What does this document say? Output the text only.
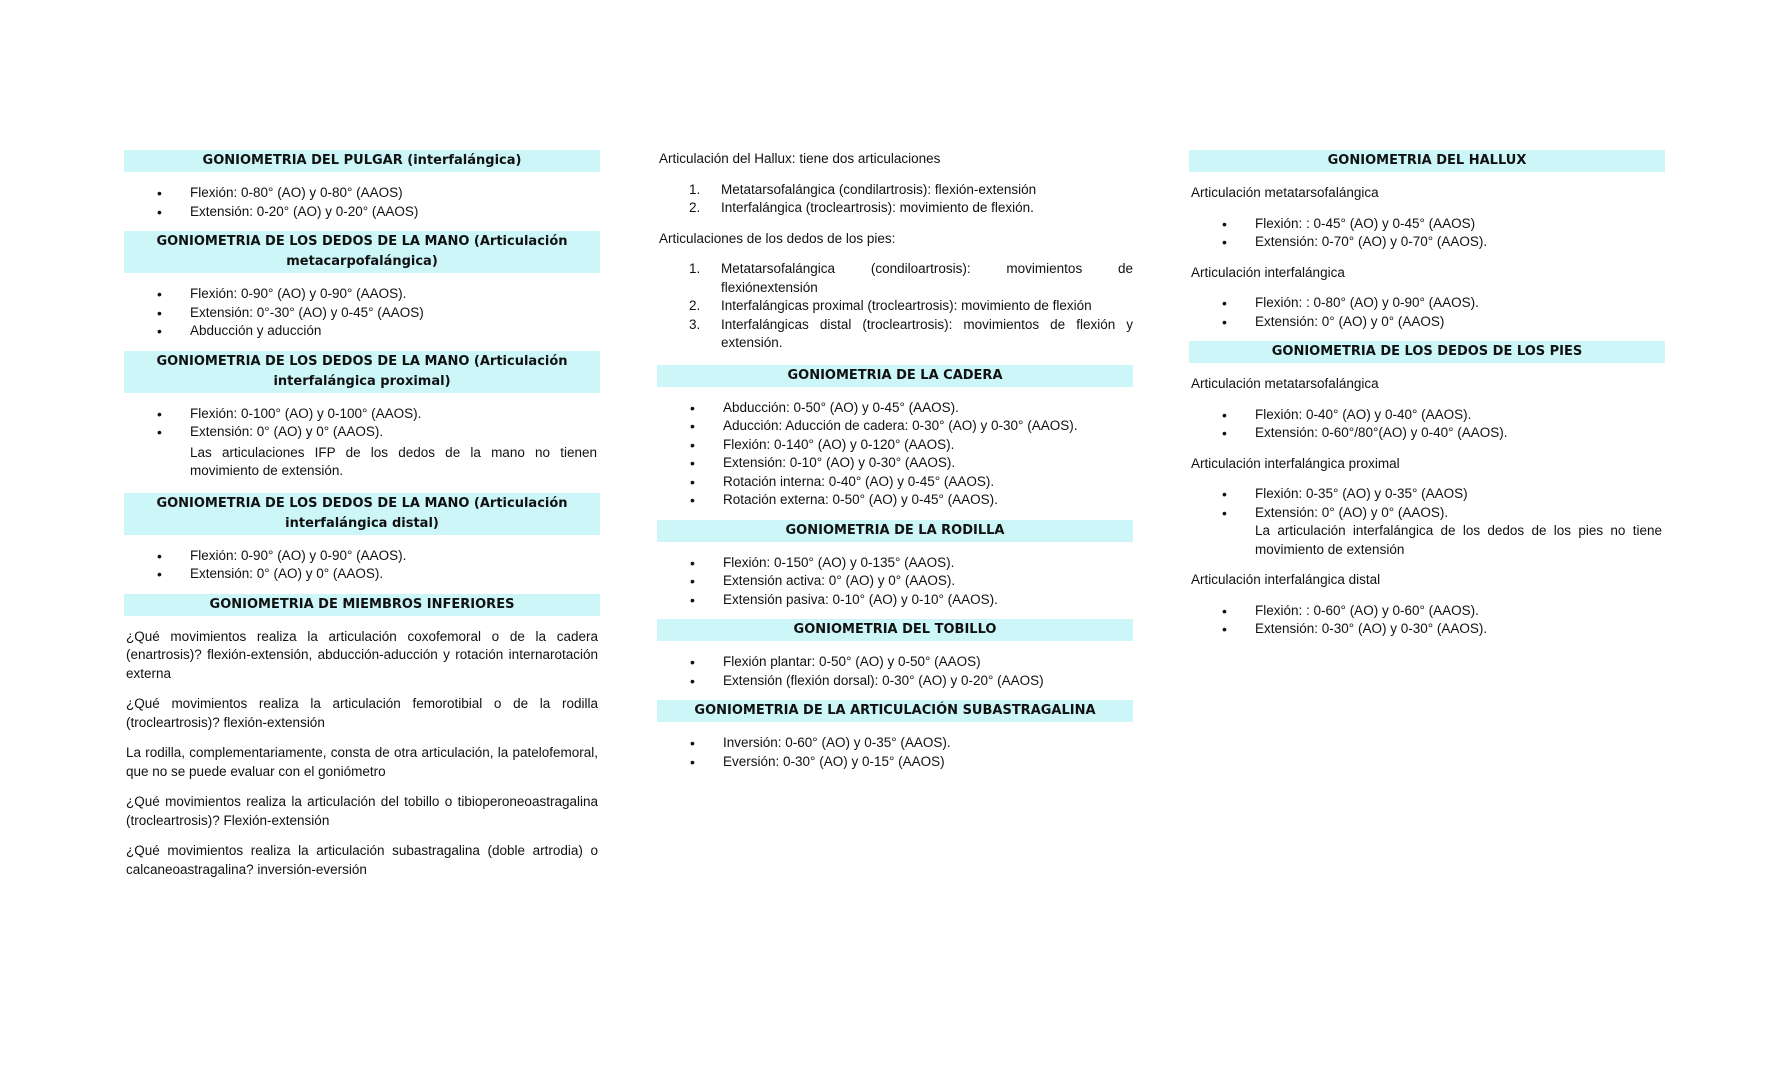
GONIOMETRIA DEL PULGAR (interfalángica)
• Flexión: 0-80° (AO) y 0-80° (AAOS)
• Extensión: 0-20° (AO) y 0-20° (AAOS)
GONIOMETRIA DE LOS DEDOS DE LA MANO (Articulación metacarpofalángica)
• Flexión: 0-90° (AO) y 0-90° (AAOS).
• Extensión: 0°-30° (AO) y 0-45° (AAOS)
• Abducción y aducción
GONIOMETRIA DE LOS DEDOS DE LA MANO (Articulación interfalángica proximal)
• Flexión: 0-100° (AO) y 0-100° (AAOS).
• Extensión: 0° (AO) y 0° (AAOS).
Las articulaciones IFP de los dedos de la mano no tienen movimiento de extensión.
GONIOMETRIA DE LOS DEDOS DE LA MANO (Articulación interfalángica distal)
• Flexión: 0-90° (AO) y 0-90° (AAOS).
• Extensión: 0° (AO) y 0° (AAOS).
GONIOMETRIA DE MIEMBROS INFERIORES

¿Qué movimientos realiza la articulación coxofemoral o de la cadera (enartrosis)? flexión-extensión, abducción-aducción y rotación internarotación externa

¿Qué movimientos realiza la articulación femorotibial o de la rodilla (trocleartrosis)? flexión-extensión

La rodilla, complementariamente, consta de otra articulación, la patelofemoral, que no se puede evaluar con el goniómetro

¿Qué movimientos realiza la articulación del tobillo o tibioperoneoastragalina (trocleartrosis)? Flexión-extensión

¿Qué movimientos realiza la articulación subastragalina (doble artrodia) o calcaneoastragalina? inversión-eversión

Articulación del Hallux: tiene dos articulaciones
1. Metatarsofalángica (condilartrosis): flexión-extensión
2. Interfalángica (trocleartrosis): movimiento de flexión.
Articulaciones de los dedos de los pies:
1. Metatarsofalángica (condiloartrosis): movimientos de flexiónextensión
2. Interfalángicas proximal (trocleartrosis): movimiento de flexión
3. Interfalángicas distal (trocleartrosis): movimientos de flexión y extensión.
GONIOMETRIA DE LA CADERA
• Abducción: 0-50° (AO) y 0-45° (AAOS).
• Aducción: Aducción de cadera: 0-30° (AO) y 0-30° (AAOS).
• Flexión: 0-140° (AO) y 0-120° (AAOS).
• Extensión: 0-10° (AO) y 0-30° (AAOS).
• Rotación interna: 0-40° (AO) y 0-45° (AAOS).
• Rotación externa: 0-50° (AO) y 0-45° (AAOS).
GONIOMETRIA DE LA RODILLA
• Flexión: 0-150° (AO) y 0-135° (AAOS).
• Extensión activa: 0° (AO) y 0° (AAOS).
• Extensión pasiva: 0-10° (AO) y 0-10° (AAOS).
GONIOMETRIA DEL TOBILLO
• Flexión plantar: 0-50° (AO) y 0-50° (AAOS)
• Extensión (flexión dorsal): 0-30° (AO) y 0-20° (AAOS)
GONIOMETRIA DE LA ARTICULACIÓN SUBASTRAGALINA
• Inversión: 0-60° (AO) y 0-35° (AAOS).
• Eversión: 0-30° (AO) y 0-15° (AAOS)
GONIOMETRIA DEL HALLUX
Articulación metatarsofalángica
• Flexión: : 0-45° (AO) y 0-45° (AAOS)
• Extensión: 0-70° (AO) y 0-70° (AAOS).
Articulación interfalángica
• Flexión: : 0-80° (AO) y 0-90° (AAOS).
• Extensión: 0° (AO) y 0° (AAOS)
GONIOMETRIA DE LOS DEDOS DE LOS PIES
Articulación metatarsofalángica
• Flexión: 0-40° (AO) y 0-40° (AAOS).
• Extensión: 0-60°/80°(AO) y 0-40° (AAOS).
Articulación interfalángica proximal
• Flexión: 0-35° (AO) y 0-35° (AAOS)
• Extensión: 0° (AO) y 0° (AAOS).
La articulación interfalángica de los dedos de los pies no tiene movimiento de extensión
Articulación interfalángica distal
• Flexión: : 0-60° (AO) y 0-60° (AAOS).
• Extensión: 0-30° (AO) y 0-30° (AAOS).
